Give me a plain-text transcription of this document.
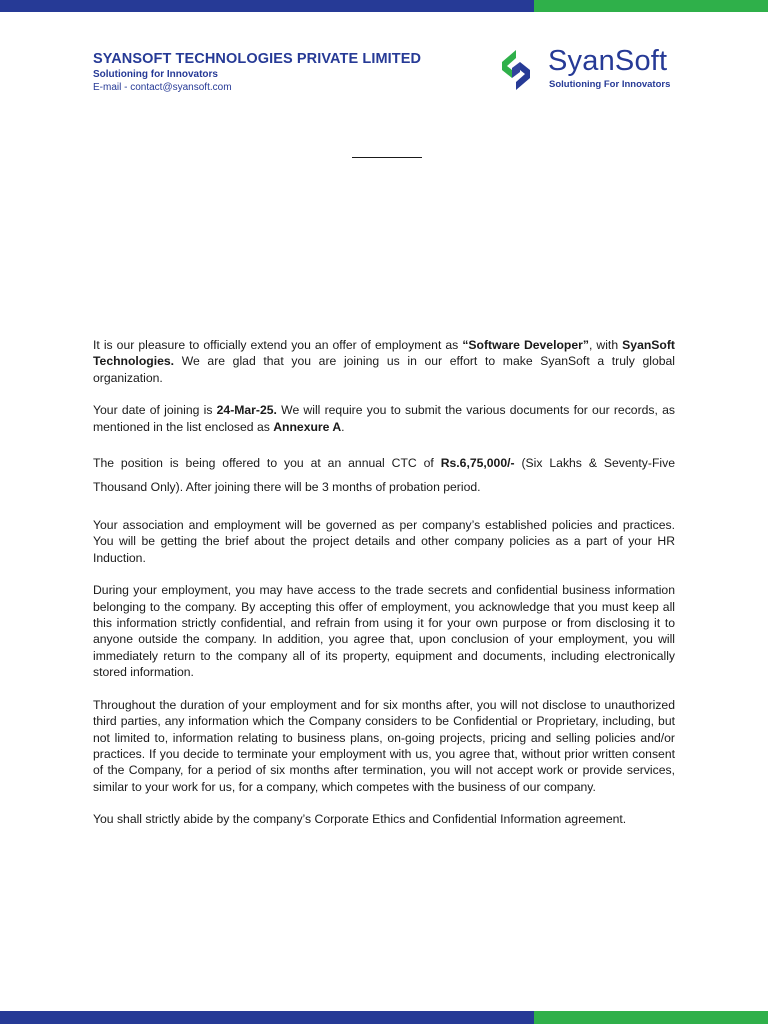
SYANSOFT TECHNOLOGIES PRIVATE LIMITED
Solutioning for Innovators
E-mail - contact@syansoft.com
SyanSoft
Solutioning For Innovators

It is our pleasure to officially extend you an offer of employment as “Software Developer”, with SyanSoft Technologies. We are glad that you are joining us in our effort to make SyanSoft a truly global organization.

Your date of joining is 24-Mar-25. We will require you to submit the various documents for our records, as mentioned in the list enclosed as Annexure A.

The position is being offered to you at an annual CTC of Rs.6,75,000/- (Six Lakhs & Seventy-Five Thousand Only). After joining there will be 3 months of probation period.

Your association and employment will be governed as per company’s established policies and practices. You will be getting the brief about the project details and other company policies as a part of your HR Induction.

During your employment, you may have access to the trade secrets and confidential business information belonging to the company. By accepting this offer of employment, you acknowledge that you must keep all this information strictly confidential, and refrain from using it for your own purpose or from disclosing it to anyone outside the company. In addition, you agree that, upon conclusion of your employment, you will immediately return to the company all of its property, equipment and documents, including electronically stored information.

Throughout the duration of your employment and for six months after, you will not disclose to unauthorized third parties, any information which the Company considers to be Confidential or Proprietary, including, but not limited to, information relating to business plans, on-going projects, pricing and selling policies and/or practices. If you decide to terminate your employment with us, you agree that, without prior written consent of the Company, for a period of six months after termination, you will not accept work or provide services, similar to your work for us, for a company, which competes with the business of our company.

You shall strictly abide by the company’s Corporate Ethics and Confidential Information agreement.
